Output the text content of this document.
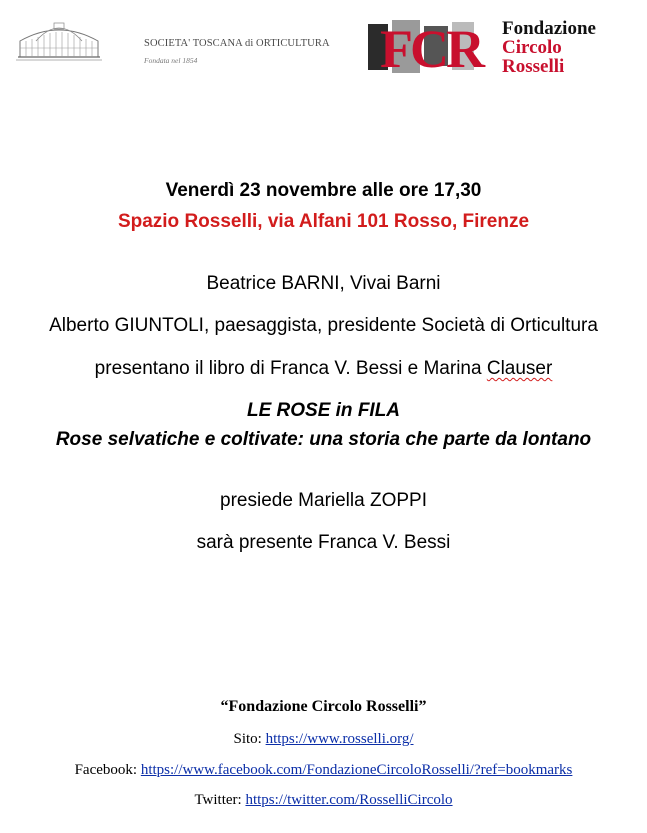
SOCIETA' TOSCANA di ORTICULTURA
Fondata nel 1854	FCR Fondazione
Circolo
Rosselli
Venerdì 23 novembre alle ore 17,30
Spazio Rosselli, via Alfani 101 Rosso, Firenze
Beatrice BARNI, Vivai Barni
Alberto GIUNTOLI, paesaggista, presidente Società di Orticultura
presentano il libro di Franca V. Bessi e Marina Clauser
LE ROSE in FILA
Rose selvatiche e coltivate: una storia che parte da lontano
presiede Mariella ZOPPI
sarà presente Franca V. Bessi
“Fondazione Circolo Rosselli”
Sito: https://www.rosselli.org/
Facebook: https://www.facebook.com/FondazioneCircoloRosselli/?ref=bookmarks
Twitter: https://twitter.com/RosselliCircolo
